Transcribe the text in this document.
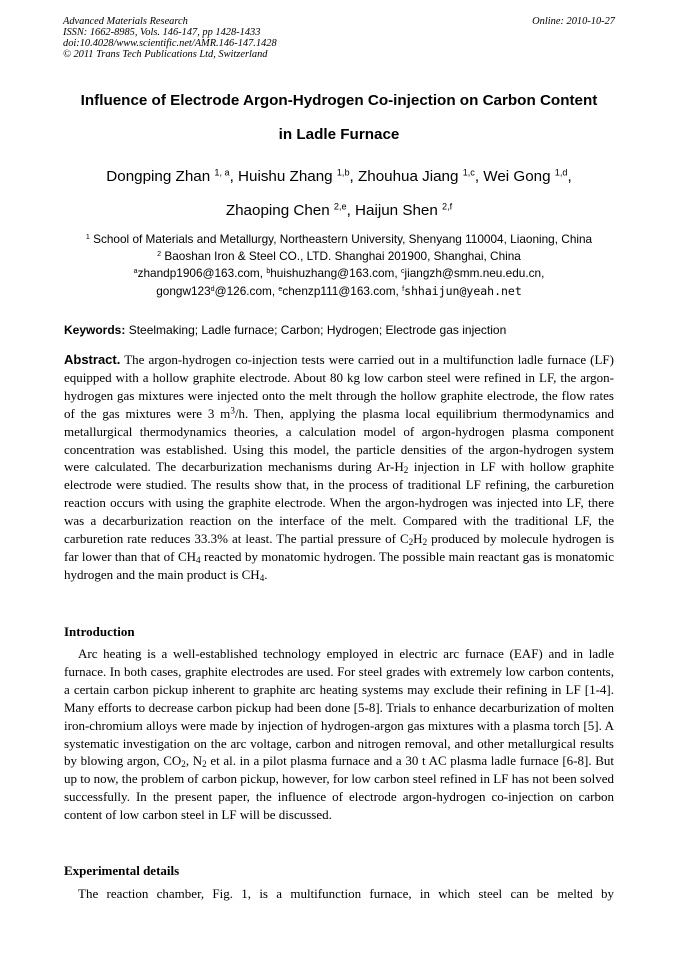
Advanced Materials Research
ISSN: 1662-8985, Vols. 146-147, pp 1428-1433
doi:10.4028/www.scientific.net/AMR.146-147.1428
© 2011 Trans Tech Publications Ltd, Switzerland
Online: 2010-10-27
Influence of Electrode Argon-Hydrogen Co-injection on Carbon Content
in Ladle Furnace
Dongping Zhan $^{1, a}$, Huishu Zhang $^{1,b}$, Zhouhua Jiang $^{1,c}$, Wei Gong $^{1,d}$,
Zhaoping Chen $^{2,e}$, Haijun Shen $^{2,f}$
$^1$ School of Materials and Metallurgy, Northeastern University, Shenyang 110004, Liaoning, China
$^2$ Baoshan Iron & Steel CO., LTD. Shanghai 201900, Shanghai, China
$^a$zhandp1906@163.com, $^b$huishuzhang@163.com, $^c$jiangzh@smm.neu.edu.cn,
gongw123$^d$@126.com, $^e$chenzp111@163.com, $^f$shhaijun@yeah.net
Keywords: Steelmaking; Ladle furnace; Carbon; Hydrogen; Electrode gas injection

Abstract. The argon-hydrogen co-injection tests were carried out in a multifunction ladle furnace (LF) equipped with a hollow graphite electrode. About 80 kg low carbon steel were refined in LF, the argon-hydrogen gas mixtures were injected onto the melt through the hollow graphite electrode, the flow rates of the gas mixtures were 3 $m^3/h$. Then, applying the plasma local equilibrium thermodynamics and metallurgical thermodynamics theories, a calculation model of argon-hydrogen plasma component concentration was established. Using this model, the particle densities of the argon-hydrogen system were calculated. The decarburization mechanisms during $Ar-H_2$ injection in LF with hollow graphite electrode were studied. The results show that, in the process of traditional LF refining, the carburetion reaction occurs with using the graphite electrode. When the argon-hydrogen was injected into LF, there was a decarburization reaction on the interface of the melt. Compared with the traditional LF, the carburetion rate reduces 33.3% at least. The partial pressure of $C_2H_2$ produced by molecule hydrogen is far lower than that of $CH_4$ reacted by monatomic hydrogen. The possible main reactant gas is monatomic hydrogen and the main product is $CH_4$.

Introduction

Arc heating is a well-established technology employed in electric arc furnace (EAF) and in ladle furnace. In both cases, graphite electrodes are used. For steel grades with extremely low carbon contents, a certain carbon pickup inherent to graphite arc heating systems may exclude their refining in LF [1-4]. Many efforts to decrease carbon pickup had been done [5-8]. Trials to enhance decarburization of molten iron-chromium alloys were made by injection of hydrogen-argon gas mixtures with a plasma torch [5]. A systematic investigation on the arc voltage, carbon and nitrogen removal, and other metallurgical results by blowing argon, $CO_2$, $N_2$ et al. in a pilot plasma furnace and a 30 t AC plasma ladle furnace [6-8]. But up to now, the problem of carbon pickup, however, for low carbon steel refined in LF has not been solved successfully. In the present paper, the influence of electrode argon-hydrogen co-injection on carbon content of low carbon steel in LF will be discussed.

Experimental details

The reaction chamber, Fig. 1, is a multifunction furnace, in which steel can be melted by
